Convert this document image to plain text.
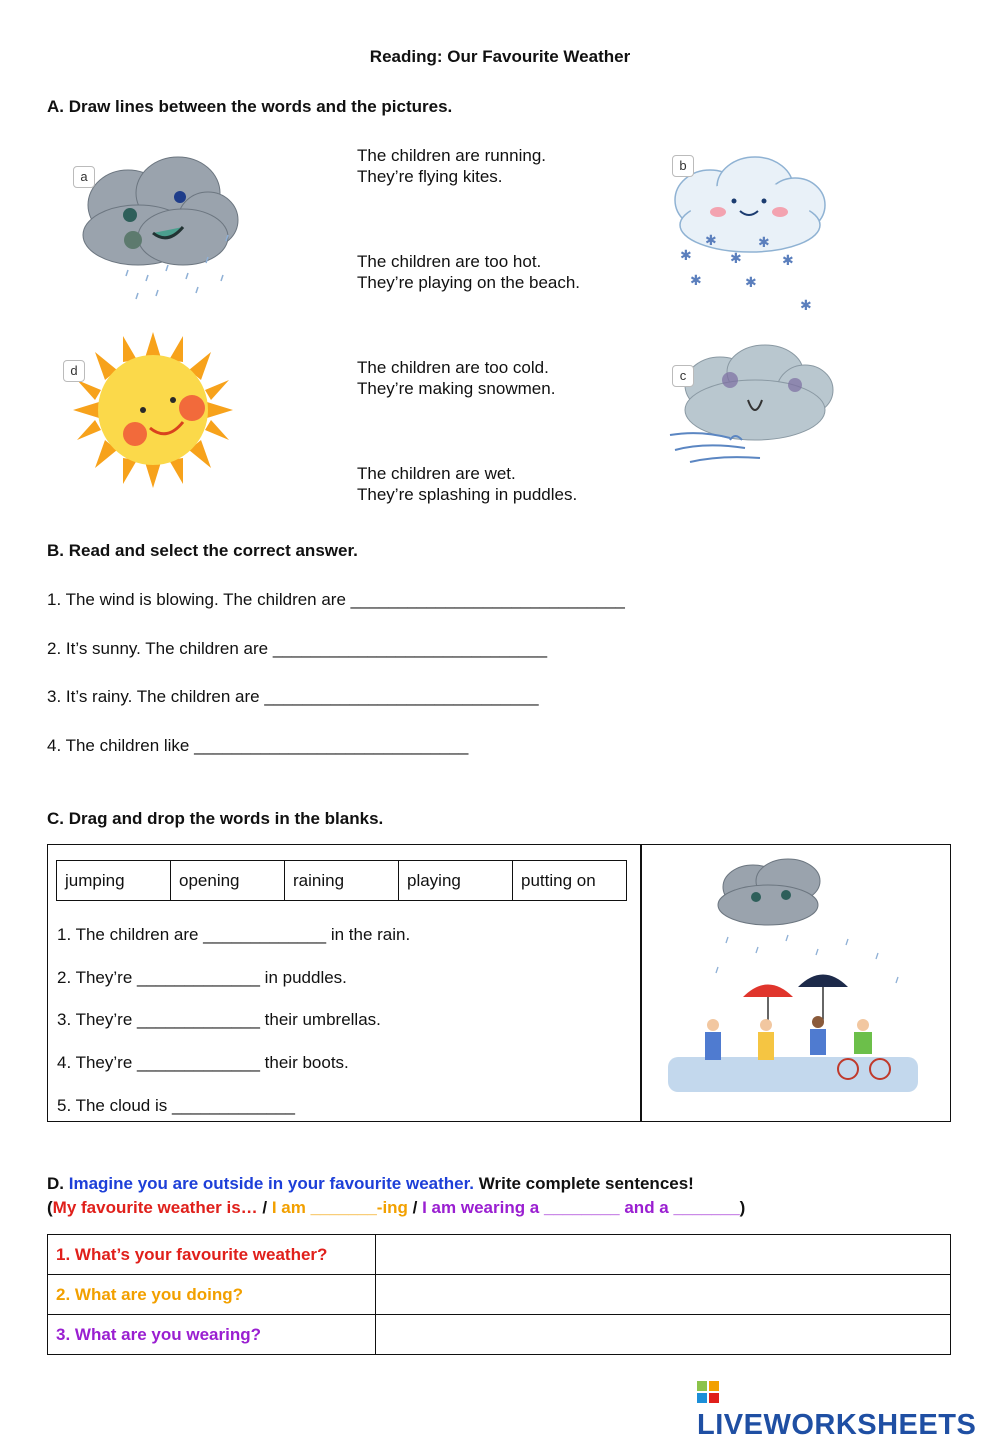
Reading: Our Favourite Weather
A. Draw lines between the words and the pictures.
a
✱
✱
✱
✱
✱
✱	✱
✱
b
d	c
The children are running.
They’re flying kites.
The children are too hot.
They’re playing on the beach.
The children are too cold.
They’re making snowmen.
The children are wet.
They’re splashing in puddles.
B. Read and select the correct answer.
1. The wind is blowing. The children are _____________________________
2. It’s sunny. The children are _____________________________
3. It’s rainy. The children are _____________________________
4. The children like _____________________________
C. Drag and drop the words in the blanks.
jumping	opening	raining	playing	putting on
1. The children are _____________ in the rain.
2. They’re _____________ in puddles.
3. They’re _____________ their umbrellas.
4. They’re _____________ their boots.
5. The cloud is _____________
D. Imagine you are outside in your favourite weather. Write complete sentences!
(My favourite weather is… / I am _______-ing / I am wearing a ________ and a _______)
1. What’s your favourite weather?	
2. What are you doing?	
3. What are you wearing?	
LIVEWORKSHEETS
